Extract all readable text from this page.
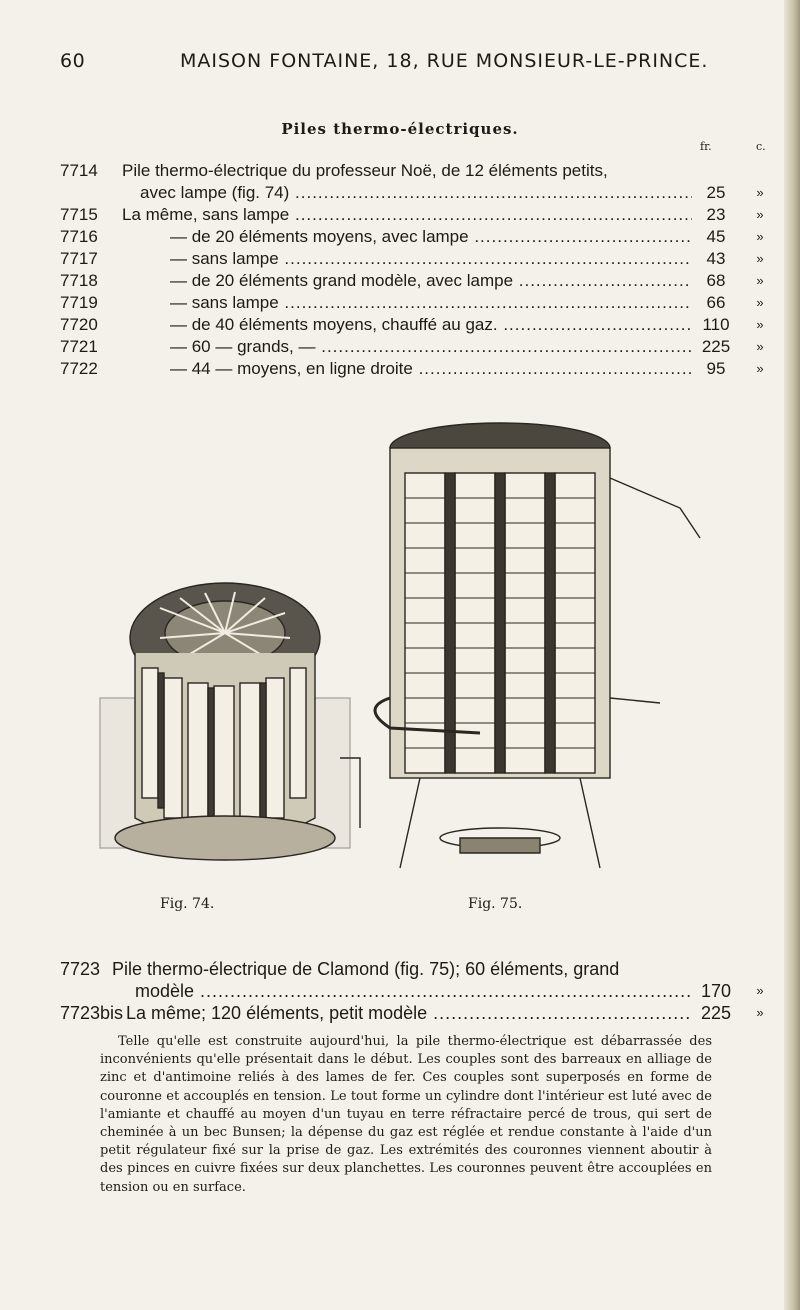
60	MAISON FONTAINE, 18, RUE MONSIEUR-LE-PRINCE.
Piles thermo-électriques.
fr.	c.
7714 Pile thermo-électrique du professeur Noë, de 12 éléments petits,
avec lampe (fig. 74) .....	25	»
7715 La même, sans lampe .....	23	»
7716	— de 20 éléments moyens, avec lampe .....	45	»
7717	— sans lampe .....	43	»
7718	— de 20 éléments grand modèle, avec lampe .....	68	»
7719	— sans lampe .....	66	»
7720	— de 40 éléments moyens, chauffé au gaz. .....	110	»
7721	— 60 — grands, — .....	225	»
7722	— 44 — moyens, en ligne droite .....	95	»
Fig. 74.	Fig. 75.
7723 Pile thermo-électrique de Clamond (fig. 75); 60 éléments, grand
modèle .....	170	»
7723bis La même; 120 éléments, petit modèle .....	225	»

Telle qu'elle est construite aujourd'hui, la pile thermo-électrique est débarrassée des inconvénients qu'elle présentait dans le début. Les couples sont des barreaux en alliage de zinc et d'antimoine reliés à des lames de fer. Ces couples sont superposés en forme de couronne et accouplés en tension. Le tout forme un cylindre dont l'intérieur est luté avec de l'amiante et chauffé au moyen d'un tuyau en terre réfractaire percé de trous, qui sert de cheminée à un bec Bunsen; la dépense du gaz est réglée et rendue constante à l'aide d'un petit régulateur fixé sur la prise de gaz. Les extrémités des couronnes viennent aboutir à des pinces en cuivre fixées sur deux planchettes. Les couronnes peuvent être accouplées en tension ou en surface.
